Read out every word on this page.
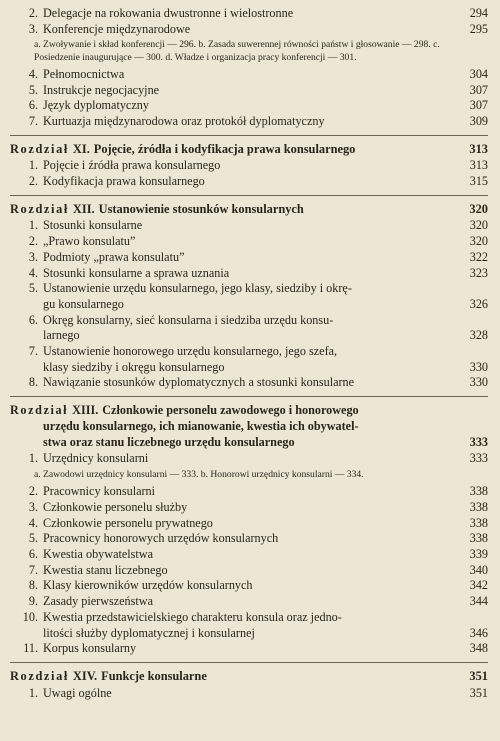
2. Delegacje na rokowania dwustronne i wielostronne	294
3. Konferencje międzynarodowe	295
a. Zwoływanie i skład konferencji — 296. b. Zasada suwerennej równości państw i głosowanie — 298. c. Posiedzenie inaugurujące — 300. d. Władze i organizacja pracy konferencji — 301.
4. Pełnomocnictwa	304
5. Instrukcje negocjacyjne	307
6. Język dyplomatyczny	307
7. Kurtuazja międzynarodowa oraz protokół dyplomatyczny	309
Rozdział XI. Pojęcie, źródła i kodyfikacja prawa konsularnego	313
1. Pojęcie i źródła prawa konsularnego	313
2. Kodyfikacja prawa konsularnego	315
Rozdział XII. Ustanowienie stosunków konsularnych	320
1. Stosunki konsularne	320
2. „Prawo konsulatu”	320
3. Podmioty „prawa konsulatu”	322
4. Stosunki konsularne a sprawa uznania	323
5. Ustanowienie urzędu konsularnego, jego klasy, siedziby i okrę-
gu konsularnego	326
6. Okręg konsularny, sieć konsularna i siedziba urzędu konsu-
larnego	328
7. Ustanowienie honorowego urzędu konsularnego, jego szefa,
klasy siedziby i okręgu konsularnego	330
8. Nawiązanie stosunków dyplomatycznych a stosunki konsularne	330
Rozdział XIII. Członkowie personelu zawodowego i honorowego
urzędu konsularnego, ich mianowanie, kwestia ich obywatel-
stwa oraz stanu liczebnego urzędu konsularnego	333
1. Urzędnicy konsularni	333
a. Zawodowi urzędnicy konsularni — 333. b. Honorowi urzędnicy konsularni — 334.
2. Pracownicy konsularni	338
3. Członkowie personelu służby	338
4. Członkowie personelu prywatnego	338
5. Pracownicy honorowych urzędów konsularnych	338
6. Kwestia obywatelstwa	339
7. Kwestia stanu liczebnego	340
8. Klasy kierowników urzędów konsularnych	342
9. Zasady pierwszeństwa	344
10. Kwestia przedstawicielskiego charakteru konsula oraz jedno-
litości służby dyplomatycznej i konsularnej	346
11. Korpus konsularny	348
Rozdział XIV. Funkcje konsularne	351
1. Uwagi ogólne	351
